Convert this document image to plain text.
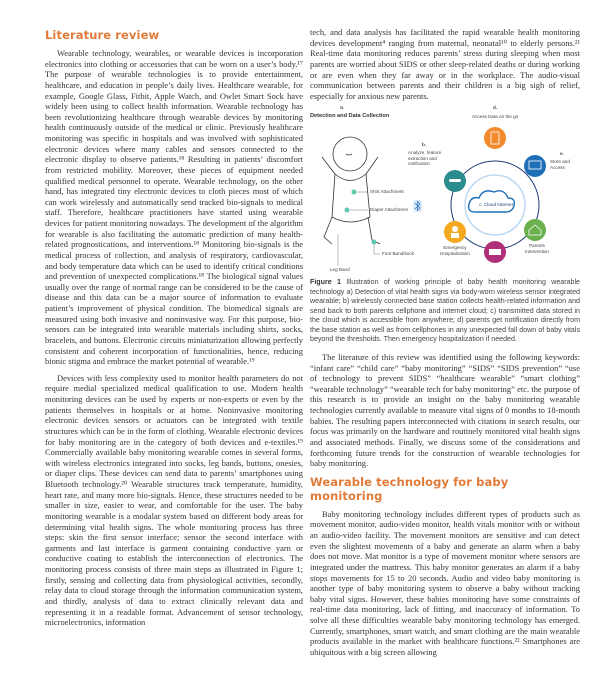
Literature review

Wearable technology, wearables, or wearable devices is incorporation electronics into clothing or accessories that can be worn on a user’s body.¹⁷ The purpose of wearable technologies is to provide entertainment, healthcare, and education in people’s daily lives. Healthcare wearable, for example, Google Glass, Fitbit, Apple Watch, and Owlet Smart Sock have widely been using to collect health information. Wearable technology has been revolutionizing healthcare through wearable devices by monitoring health continuously outside of the medical or clinic. Previously healthcare monitoring was specific in hospitals and was involved with sophisticated electronic devices where many cables and sensors connected to the electronic display to observe patients.¹⁸ Resulting in patients’ discomfort from restricted mobility. Moreover, these pieces of equipment needed qualified medical personnel to operate. Wearable technology, on the other hand, has integrated tiny electronic devices to cloth pieces most of which can work wirelessly and automatically send tracked bio-signals to medical staff. Therefore, healthcare practitioners have started using wearable devices for patient monitoring nowadays. The development of the algorithm for wearable is also facilitating the automatic prediction of many health-related prognostications, and interventions.¹⁸ Monitoring bio-signals is the medical process of collection, and analysis of respiratory, cardiovascular, and body temperature data which can be used to identify critical conditions and prevention of unexpected complications.¹⁸ The biological signal values usually over the range of normal range can be considered to be the cause of disease and this data can be a major source of information to evaluate patient’s improvement of physical condition. The biomedical signals are measured using both invasive and noninvasive way. For this purpose, bio-sensors can be integrated into wearable materials including shirts, socks, bracelets, and buttons. Electronic circuits miniaturization allowing perfectly consistent and coherent incorporation of functionalities, hence, reducing bionic stigma and embrace the market potential of wearable.¹⁹

Devices with less complexity used to monitor health parameters do not require medial specialized medical qualification to use. Modern health monitoring devices can be used by experts or non-experts or even by the patients themselves in hospitals or at home. Noninvasive monitoring electronic devices sensors or actuators can be integrated with textile structures which can be in the form of clothing. Wearable electronic devices for baby monitoring are in the category of both devices and e-textiles.¹⁹ Commercially available baby monitoring wearable comes in several forms, with wireless electronics integrated into socks, leg bands, buttons, onesies, or diaper clips. These devices can send data to parents’ smartphones using Bluetooth technology.²⁰ Wearable structures track temperature, humidity, heart rate, and many more bio-signals. Hence, these structures needed to be smaller in size, easier to wear, and comfortable for the user. The baby monitoring wearable is a modalar system based on different body areas for determining vital health signs. The whole monitoring process has three steps: skin the first sensor interface; sensor the second interface with garments and last interface is garment containing conductive yarn or conductive coating to establish the interconnection of electronics. The monitoring process consists of three main steps as illustrated in Figure 1; firstly, sensing and collecting data from physiological activities, secondly, relay data to cloud storage through the information communication system, and thirdly, analysis of data to extract clinically relevant data and representing it in a readable format. Advancement of sensor technology, microelectronics, information

tech, and data analysis has facilitated the rapid wearable health monitoring devices development⁴ ranging from maternal, neonatal¹⁰ to elderly persons.²¹ Real-time data monitoring reduces parents’ stress during sleeping when most parents are worried about SIDS or other sleep-related deaths or during working or are even when they far away or in the workplace. The audio-visual communication between parents and their children is a big sigh of relief, especially for anxious new parents.

a.
Detection and Data Collection
Shirt Attachment
Diaper Attachment
Foot Band/sock
Leg Band
b.
Analyze, feature extraction and notification
c. Cloud Internet
d.
Access Data on the go
e.
Store and Access
Parents Intervention
Emergency Hospitalization
Figure 1 Illustration of working principle of baby health monitoring wearable technology a) Detection of vital health signs via body-worn wireless sensor integrated wearable; b) wirelessly connected base station collects health-related information and send back to both parents cellphone and internet cloud; c) transmitted data stored in the cloud which is accessible from anywhere; d) parents get notification directly from the base station as well as from cellphones in any unexpected fall down of baby vitals beyond the thresholds. Then emergency hospitalization if needed.

The literature of this review was identified using the following keywords: “infant care” “child care” “baby monitoring” “SIDS” “SIDS prevention” “use of technology to prevent SIDS” “healthcare wearable” “smart clothing” “wearable technology” “wearable tech for baby monitoring” etc. the purpose of this research is to provide an insight on the baby monitoring wearable technologies currently available to measure vital signs of 0 months to 18-month babies. The resulting papers interconnected with citations in search results, our focus was primarily on the hardware and routinely monitored vital health signs and associated methods. Finally, we discuss some of the considerations and forthcoming future trends for the construction of wearable technologies for baby monitoring.

Wearable technology for baby monitoring

Baby monitoring technology includes different types of products such as movement monitor, audio-video monitor, health vitals monitor with or without an audio-video facility. The movement monitors are sensitive and can detect even the slightest movements of a baby and generate an alarm when a baby does not move. Mat monitor is a type of movement monitor where sensors are integrated under the mattress. This baby monitor generates an alarm if a baby stops movements for 15 to 20 seconds. Audio and video baby monitoring is another type of baby monitoring system to observe a baby without tracking baby vital signs. However, these babies monitoring have some constraints of real-time data monitoring, lack of fitting, and inaccuracy of information. To solve all these difficulties wearable baby monitoring technology has emerged. Currently, smartphones, smart watch, and smart clothing are the main wearable products available in the market with healthcare functions.²² Smartphones are ubiquitous with a big screen allowing
